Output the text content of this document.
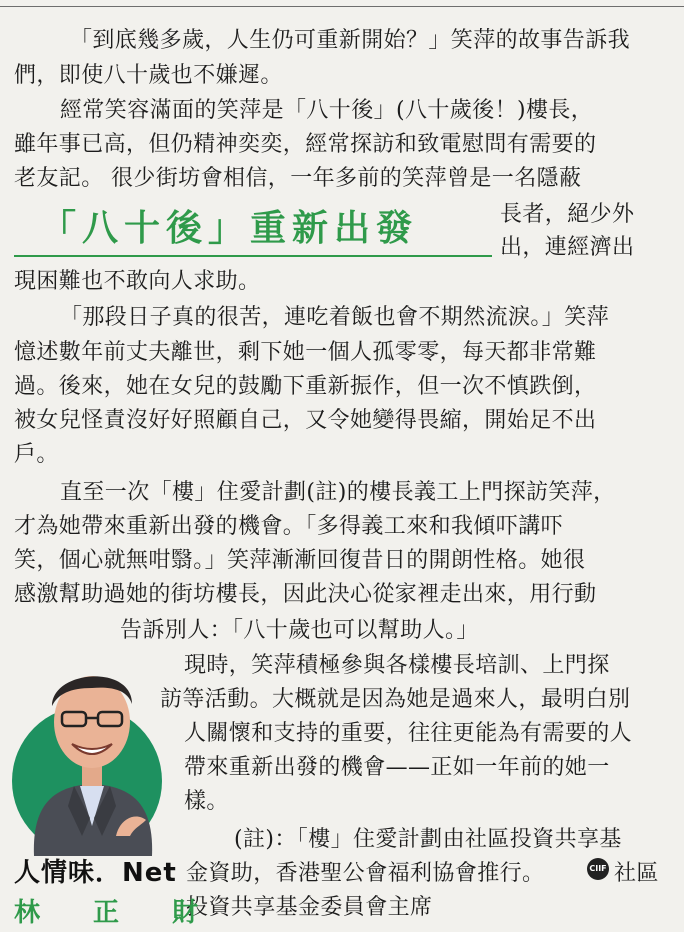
「到底幾多歲，人生仍可重新開始？」笑萍的故事告訴我
們，即使八十歲也不嫌遲。
經常笑容滿面的笑萍是「八十後」(八十歲後！)樓長，
雖年事已高，但仍精神奕奕，經常探訪和致電慰問有需要的
老友記。 很少街坊會相信，一年多前的笑萍曾是一名隱蔽
「八十後」重新出發	長者，絕少外
出，連經濟出
現困難也不敢向人求助。
「那段日子真的很苦，連吃着飯也會不期然流淚。」笑萍
憶述數年前丈夫離世，剩下她一個人孤零零，每天都非常難
過。後來，她在女兒的鼓勵下重新振作，但一次不慎跌倒，
被女兒怪責沒好好照顧自己，又令她變得畏縮，開始足不出
戶。
直至一次「樓」住愛計劃(註)的樓長義工上門探訪笑萍，
才為她帶來重新出發的機會。「多得義工來和我傾吓講吓
笑，個心就無咁翳。」笑萍漸漸回復昔日的開朗性格。她很
感激幫助過她的街坊樓長，因此決心從家裡走出來，用行動
告訴別人：「八十歲也可以幫助人。」
現時，笑萍積極參與各樣樓長培訓、上門探
訪等活動。大概就是因為她是過來人，最明白別
人關懷和支持的重要，往往更能為有需要的人
帶來重新出發的機會——正如一年前的她一
樣。
(註)：「樓」住愛計劃由社區投資共享基
金資助，香港聖公會福利協會推行。	CIIF 社區
投資共享基金委員會主席
人情味．Net
林 正 財
